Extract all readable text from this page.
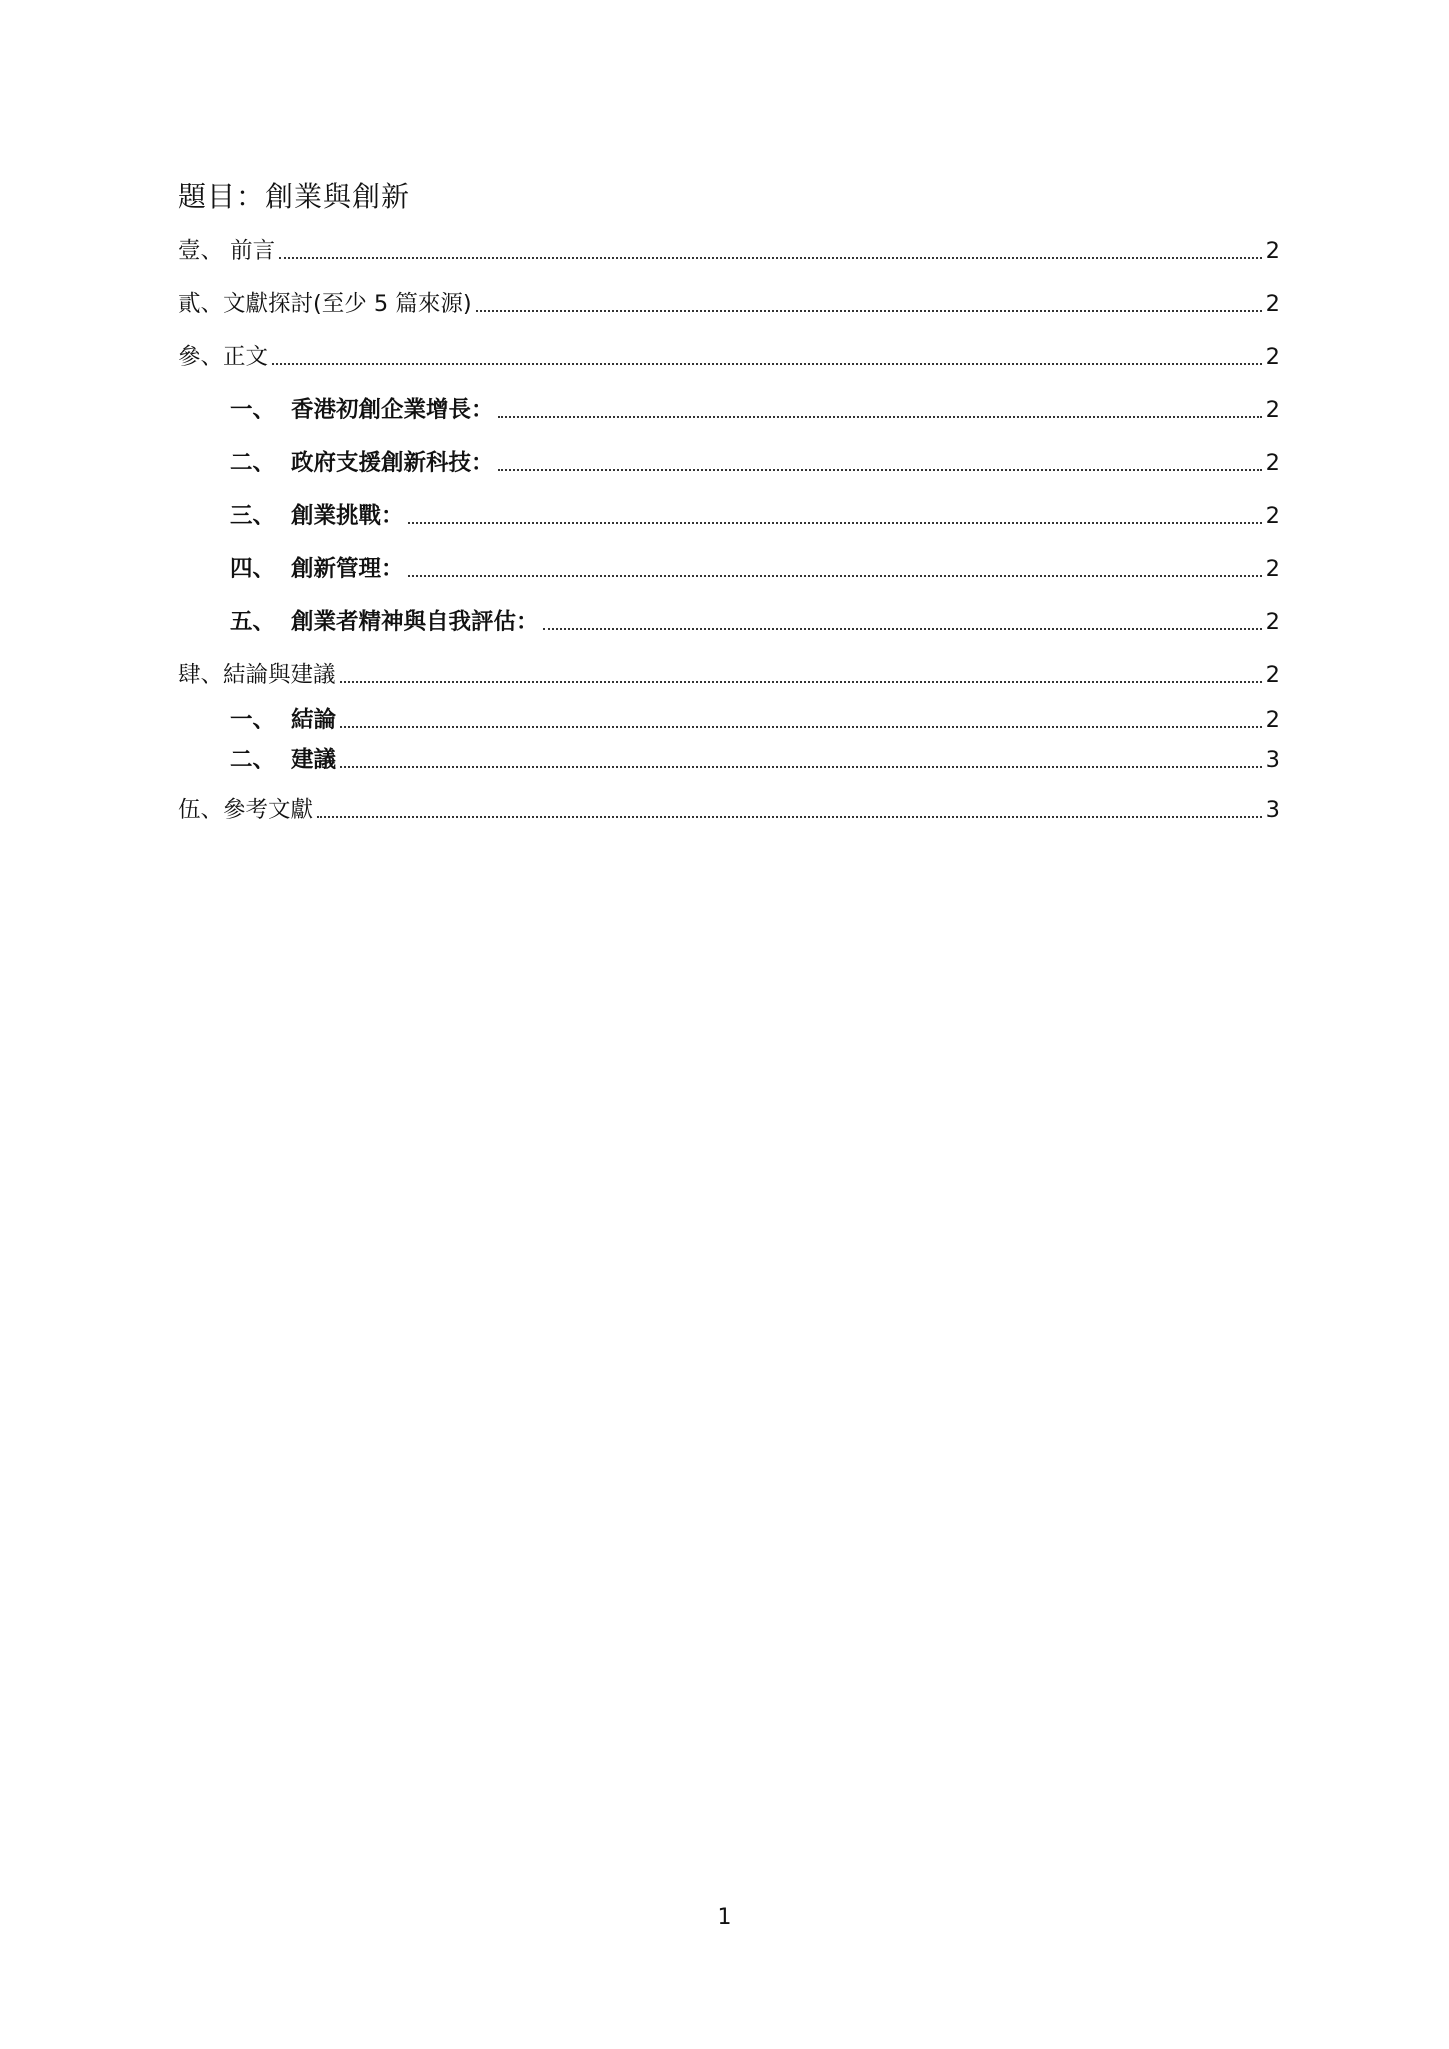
題目：創業與創新
壹、 前言	2
貳、文獻探討(至少 5 篇來源)	2
參、正文	2
一、 香港初創企業增長：	2
二、 政府支援創新科技：	2
三、 創業挑戰：	2
四、 創新管理：	2
五、 創業者精神與自我評估：	2
肆、結論與建議	2
一、 結論	2
二、 建議	3
伍、參考文獻	3
1
